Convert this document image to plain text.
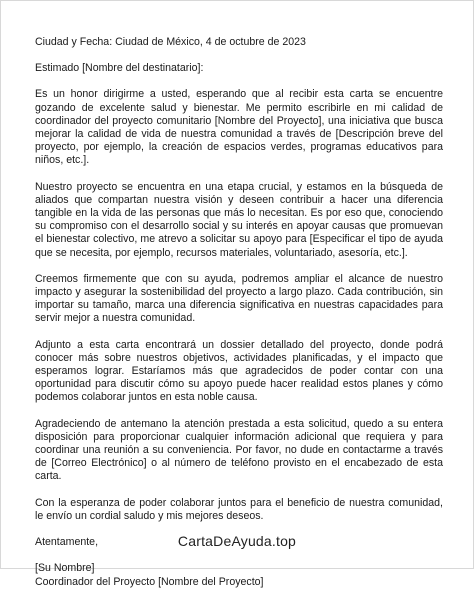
Ciudad y Fecha: Ciudad de México, 4 de octubre de 2023

Estimado [Nombre del destinatario]:

Es un honor dirigirme a usted, esperando que al recibir esta carta se encuentre gozando de excelente salud y bienestar. Me permito escribirle en mi calidad de coordinador del proyecto comunitario [Nombre del Proyecto], una iniciativa que busca mejorar la calidad de vida de nuestra comunidad a través de [Descripción breve del proyecto, por ejemplo, la creación de espacios verdes, programas educativos para niños, etc.].

Nuestro proyecto se encuentra en una etapa crucial, y estamos en la búsqueda de aliados que compartan nuestra visión y deseen contribuir a hacer una diferencia tangible en la vida de las personas que más lo necesitan. Es por eso que, conociendo su compromiso con el desarrollo social y su interés en apoyar causas que promuevan el bienestar colectivo, me atrevo a solicitar su apoyo para [Especificar el tipo de ayuda que se necesita, por ejemplo, recursos materiales, voluntariado, asesoría, etc.].

Creemos firmemente que con su ayuda, podremos ampliar el alcance de nuestro impacto y asegurar la sostenibilidad del proyecto a largo plazo. Cada contribución, sin importar su tamaño, marca una diferencia significativa en nuestras capacidades para servir mejor a nuestra comunidad.

Adjunto a esta carta encontrará un dossier detallado del proyecto, donde podrá conocer más sobre nuestros objetivos, actividades planificadas, y el impacto que esperamos lograr. Estaríamos más que agradecidos de poder contar con una oportunidad para discutir cómo su apoyo puede hacer realidad estos planes y cómo podemos colaborar juntos en esta noble causa.

Agradeciendo de antemano la atención prestada a esta solicitud, quedo a su entera disposición para proporcionar cualquier información adicional que requiera y para coordinar una reunión a su conveniencia. Por favor, no dude en contactarme a través de [Correo Electrónico] o al número de teléfono provisto en el encabezado de esta carta.

Con la esperanza de poder colaborar juntos para el beneficio de nuestra comunidad, le envío un cordial saludo y mis mejores deseos.

Atentamente,

[Su Nombre]

Coordinador del Proyecto [Nombre del Proyecto]

CartaDeAyuda.top
